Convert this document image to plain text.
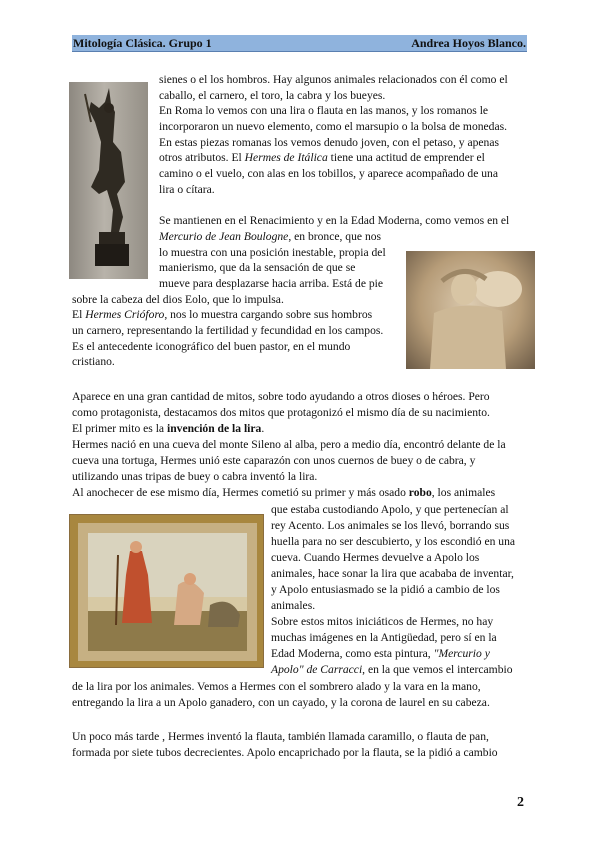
Mitología Clásica. Grupo 1	Andrea Hoyos Blanco.

sienes o el los hombros. Hay algunos animales relacionados con él como el

caballo, el carnero, el toro, la cabra y los bueyes.

En Roma lo vemos con una lira o flauta en las manos, y los romanos le

incorporaron un nuevo elemento, como el marsupio o la bolsa de monedas.

En estas piezas romanas los vemos denudo joven, con el petaso, y apenas

otros atributos. El Hermes de Itálica tiene una actitud de emprender el

camino o el vuelo, con alas en los tobillos, y aparece acompañado de una

lira o cítara.

Se mantienen en el Renacimiento y en la Edad Moderna, como vemos en el

Mercurio de Jean Boulogne, en bronce, que nos

lo muestra con una posición inestable, propia del

manierismo, que da la sensación de que se

mueve para desplazarse hacia arriba. Está de pie

sobre la cabeza del dios Eolo, que lo impulsa.

El Hermes Crióforo, nos lo muestra cargando sobre sus hombros

un carnero, representando la fertilidad y fecundidad en los campos.

Es el antecedente iconográfico del buen pastor, en el mundo

cristiano.

Aparece en una gran cantidad de mitos, sobre todo ayudando a otros dioses o héroes. Pero

como protagonista, destacamos dos mitos que protagonizó el mismo día de su nacimiento.

El primer mito es la invención de la lira.

Hermes nació en una cueva del monte Sileno al alba, pero a medio día, encontró delante de la

cueva una tortuga, Hermes unió este caparazón con unos cuernos de buey o de cabra, y

utilizando unas tripas de buey o cabra inventó la lira.

Al anochecer de ese mismo día, Hermes cometió su primer y más osado robo, los animales

que estaba custodiando Apolo, y que pertenecían al

rey Acento. Los animales se los llevó, borrando sus

huella para no ser descubierto, y los escondió en una

cueva. Cuando Hermes devuelve a Apolo los

animales, hace sonar la lira que acababa de inventar,

y Apolo entusiasmado se la pidió a cambio de los

animales.

Sobre estos mitos iniciáticos de Hermes, no hay

muchas imágenes en la Antigüedad, pero sí en la

Edad Moderna, como esta pintura, "Mercurio y

Apolo" de Carracci, en la que vemos el intercambio

de la lira por los animales. Vemos a Hermes con el sombrero alado y la vara en la mano,

entregando la lira a un Apolo ganadero, con un cayado, y la corona de laurel en su cabeza.

Un poco más tarde , Hermes inventó la flauta, también llamada caramillo, o flauta de pan,

formada por siete tubos decrecientes. Apolo encaprichado por la flauta, se la pidió a cambio

2
